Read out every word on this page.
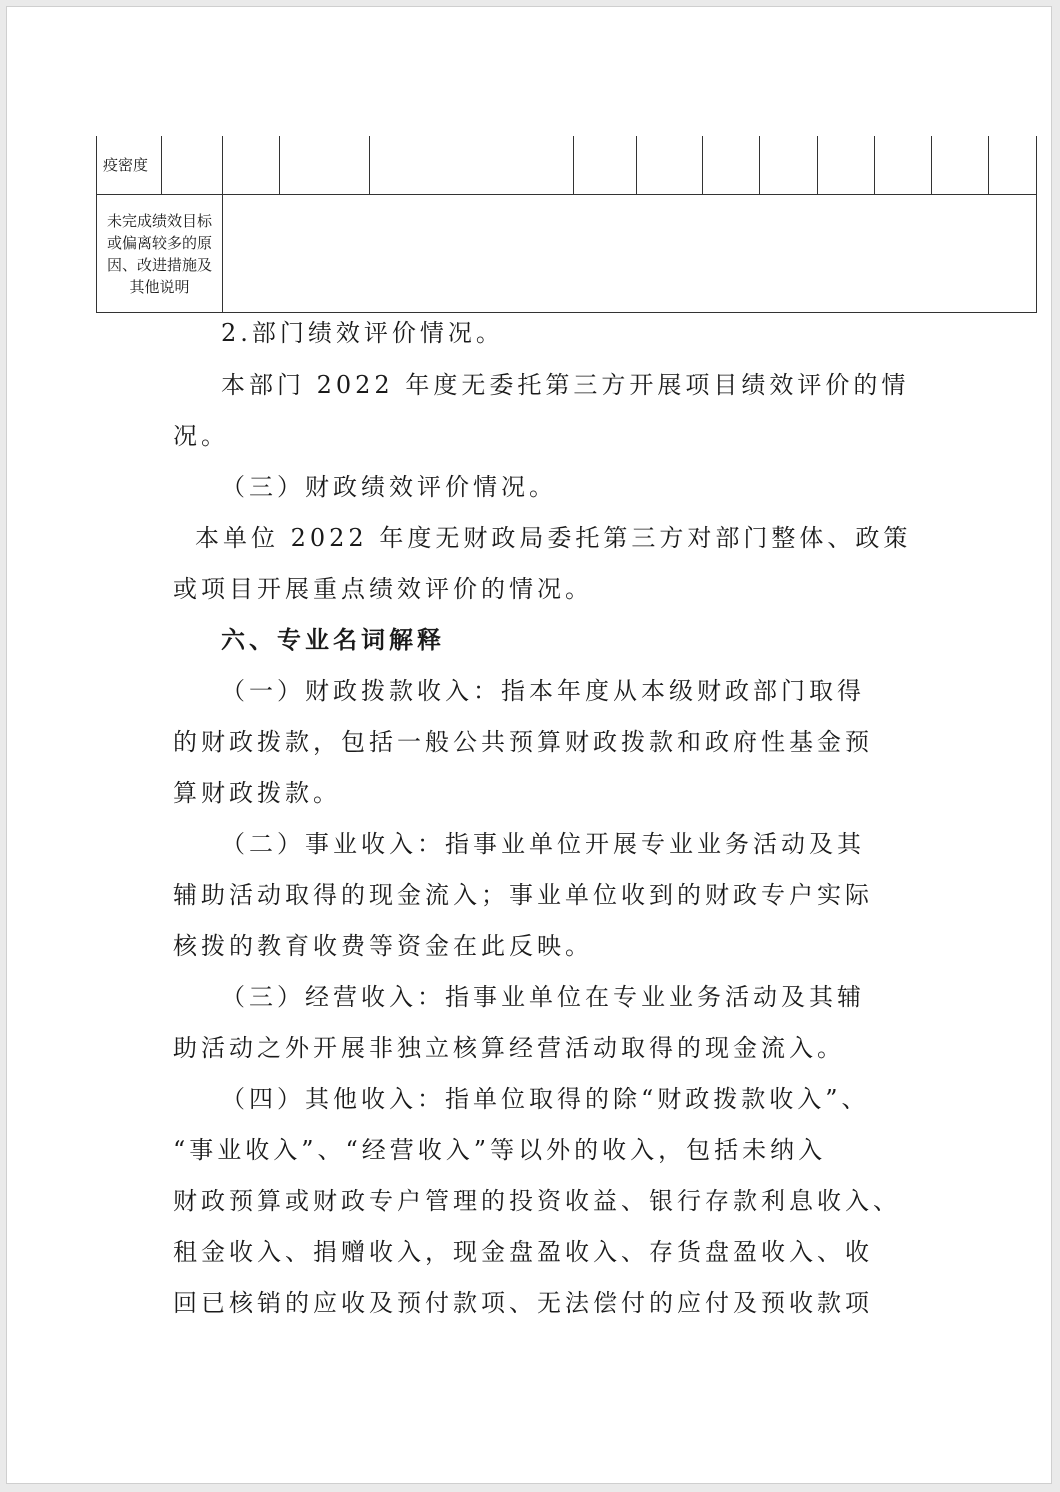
疫密度												
未完成绩效目标或偏离较多的原因、改进措施及其他说明												
2.部门绩效评价情况。
本部门 2022 年度无委托第三方开展项目绩效评价的情
况。
（三）财政绩效评价情况。
本单位 2022 年度无财政局委托第三方对部门整体、政策
或项目开展重点绩效评价的情况。
六、专业名词解释
（一）财政拨款收入：指本年度从本级财政部门取得
的财政拨款，包括一般公共预算财政拨款和政府性基金预
算财政拨款。
（二）事业收入：指事业单位开展专业业务活动及其
辅助活动取得的现金流入；事业单位收到的财政专户实际
核拨的教育收费等资金在此反映。
（三）经营收入：指事业单位在专业业务活动及其辅
助活动之外开展非独立核算经营活动取得的现金流入。
（四）其他收入：指单位取得的除“财政拨款收入”、
“事业收入”、“经营收入”等以外的收入，包括未纳入
财政预算或财政专户管理的投资收益、银行存款利息收入、
租金收入、捐赠收入，现金盘盈收入、存货盘盈收入、收
回已核销的应收及预付款项、无法偿付的应付及预收款项
